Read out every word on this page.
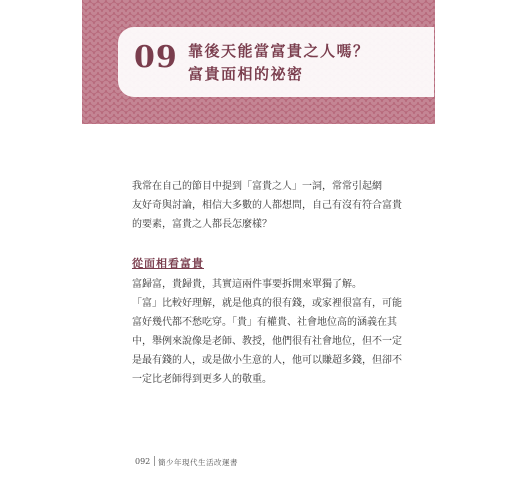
09 靠後天能當富貴之人嗎？
富貴面相的祕密

我常在自己的節目中提到「富貴之人」一詞，常常引起網
友好奇與討論，相信大多數的人都想問，自己有沒有符合富貴
的要素，富貴之人都長怎麼樣？

從面相看富貴

富歸富，貴歸貴，其實這兩件事要拆開來單獨了解。
「富」比較好理解，就是他真的很有錢，或家裡很富有，可能
富好幾代都不愁吃穿。「貴」有權貴、社會地位高的涵義在其
中，舉例來說像是老師、教授，他們很有社會地位，但不一定
是最有錢的人，或是做小生意的人，他可以賺超多錢，但卻不
一定比老師得到更多人的敬重。

092 簡少年現代生活改運書
